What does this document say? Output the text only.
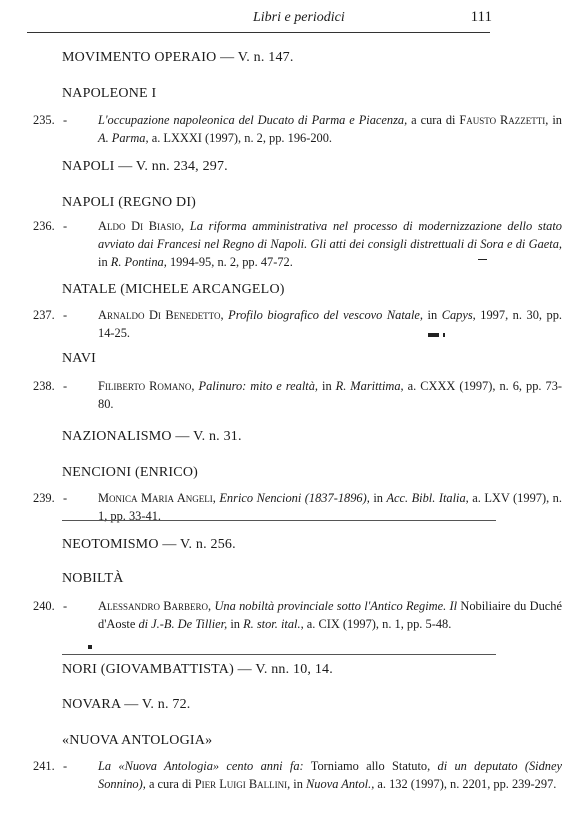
Libri e periodici	111
MOVIMENTO OPERAIO — V. n. 147.
NAPOLEONE I
235. - L'occupazione napoleonica del Ducato di Parma e Piacenza, a cura di Fausto Razzetti, in A. Parma, a. LXXXI (1997), n. 2, pp. 196-200.
NAPOLI — V. nn. 234, 297.
NAPOLI (REGNO DI)
236. - Aldo Di Biasio, La riforma amministrativa nel processo di modernizzazione dello stato avviato dai Francesi nel Regno di Napoli. Gli atti dei consigli distrettuali di Sora e di Gaeta, in R. Pontina, 1994-95, n. 2, pp. 47-72.
NATALE (MICHELE ARCANGELO)
237. - Arnaldo Di Benedetto, Profilo biografico del vescovo Natale, in Capys, 1997, n. 30, pp. 14-25.
NAVI
238. - Filiberto Romano, Palinuro: mito e realtà, in R. Marittima, a. CXXX (1997), n. 6, pp. 73-80.
NAZIONALISMO — V. n. 31.
NENCIONI (ENRICO)
239. - Monica Maria Angeli, Enrico Nencioni (1837-1896), in Acc. Bibl. Italia, a. LXV (1997), n. 1, pp. 33-41.
NEOTOMISMO — V. n. 256.
NOBILTÀ
240. - Alessandro Barbero, Una nobiltà provinciale sotto l'Antico Regime. Il Nobiliaire du Duché d'Aoste di J.-B. De Tillier, in R. stor. ital., a. CIX (1997), n. 1, pp. 5-48.
NORI (GIOVAMBATTISTA) — V. nn. 10, 14.
NOVARA — V. n. 72.
«NUOVA ANTOLOGIA»
241. - La «Nuova Antologia» cento anni fa: Torniamo allo Statuto, di un deputato (Sidney Sonnino), a cura di Pier Luigi Ballini, in Nuova Antol., a. 132 (1997), n. 2201, pp. 239-297.
